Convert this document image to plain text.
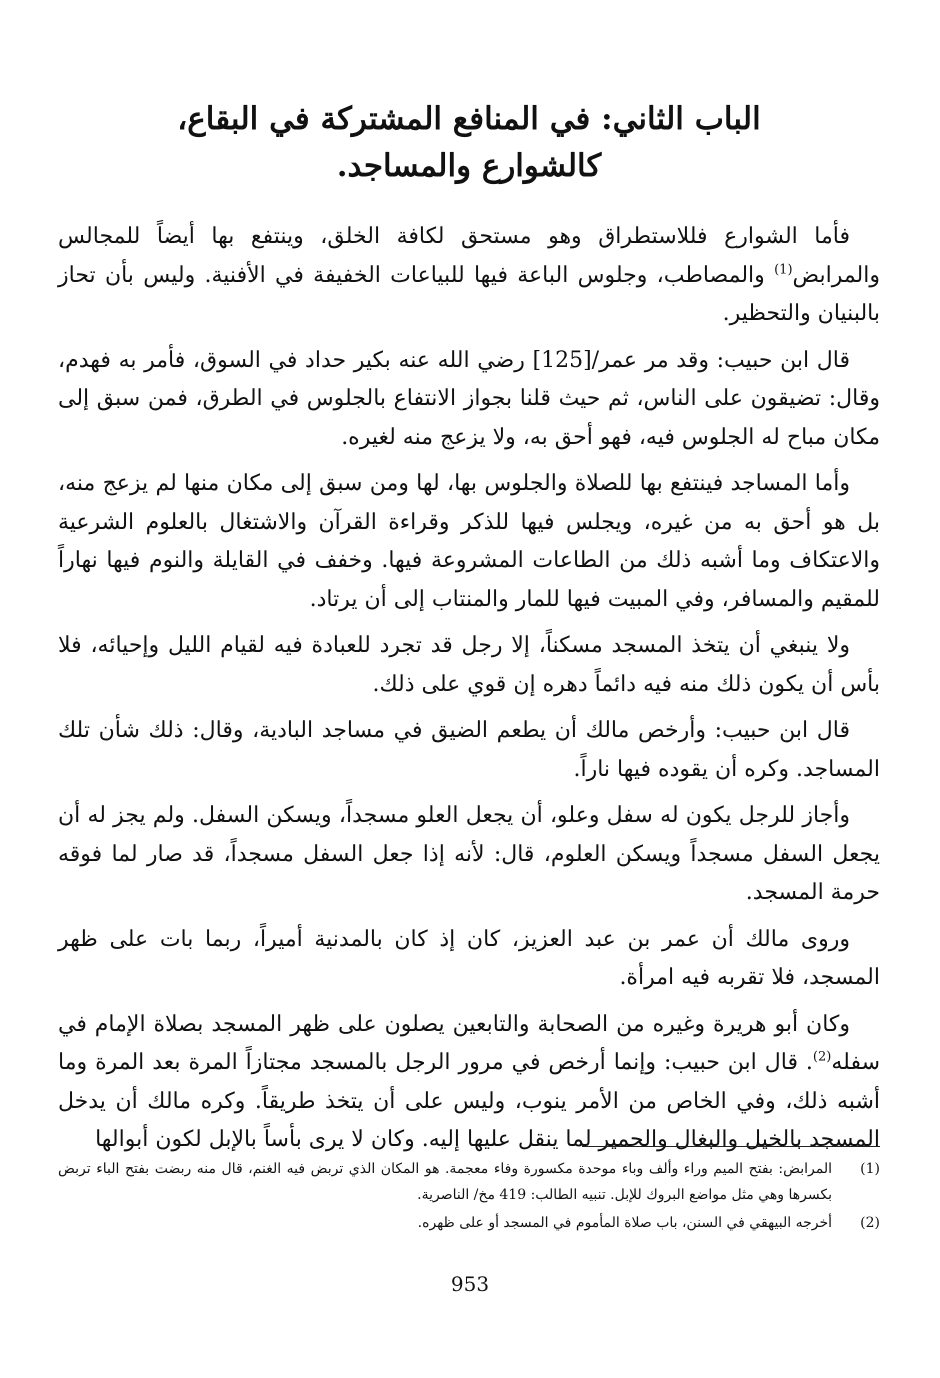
الباب الثاني: في المنافع المشتركة في البقاع،
كالشوارع والمساجد.

فأما الشوارع فللاستطراق وهو مستحق لكافة الخلق، وينتفع بها أيضاً للمجالس والمرابض$^{(1)}$ والمصاطب، وجلوس الباعة فيها للبياعات الخفيفة في الأفنية. وليس بأن تحاز بالبنيان والتحظير.

قال ابن حبيب: وقد مر عمر/[125] رضي الله عنه بكير حداد في السوق، فأمر به فهدم، وقال: تضيقون على الناس، ثم حيث قلنا بجواز الانتفاع بالجلوس في الطرق، فمن سبق إلى مكان مباح له الجلوس فيه، فهو أحق به، ولا يزعج منه لغيره.

وأما المساجد فينتفع بها للصلاة والجلوس بها، لها ومن سبق إلى مكان منها لم يزعج منه، بل هو أحق به من غيره، ويجلس فيها للذكر وقراءة القرآن والاشتغال بالعلوم الشرعية والاعتكاف وما أشبه ذلك من الطاعات المشروعة فيها. وخفف في القايلة والنوم فيها نهاراً للمقيم والمسافر، وفي المبيت فيها للمار والمنتاب إلى أن يرتاد.

ولا ينبغي أن يتخذ المسجد مسكناً، إلا رجل قد تجرد للعبادة فيه لقيام الليل وإحيائه، فلا بأس أن يكون ذلك منه فيه دائماً دهره إن قوي على ذلك.

قال ابن حبيب: وأرخص مالك أن يطعم الضيق في مساجد البادية، وقال: ذلك شأن تلك المساجد. وكره أن يقوده فيها ناراً.

وأجاز للرجل يكون له سفل وعلو، أن يجعل العلو مسجداً، ويسكن السفل. ولم يجز له أن يجعل السفل مسجداً ويسكن العلوم، قال: لأنه إذا جعل السفل مسجداً، قد صار لما فوقه حرمة المسجد.

وروى مالك أن عمر بن عبد العزيز، كان إذ كان بالمدنية أميراً، ربما بات على ظهر المسجد، فلا تقربه فيه امرأة.

وكان أبو هريرة وغيره من الصحابة والتابعين يصلون على ظهر المسجد بصلاة الإمام في سفله$^{(2)}$. قال ابن حبيب: وإنما أرخص في مرور الرجل بالمسجد مجتازاً المرة بعد المرة وما أشبه ذلك، وفي الخاص من الأمر ينوب، وليس على أن يتخذ طريقاً. وكره مالك أن يدخل المسجد بالخيل والبغال والحمير لما ينقل عليها إليه. وكان لا يرى بأساً بالإبل لكون أبوالها

(1)
المرابض: بفتح الميم وراء وألف وباء موحدة مكسورة وفاء معجمة. هو المكان الذي تربض فيه الغنم، قال منه ربضت بفتح الباء تربض بكسرها وهي مثل مواضع البروك للإبل. تنبيه الطالب: 419 مخ/ الناصرية.
(2)
أخرجه البيهقي في السنن، باب صلاة المأموم في المسجد أو على ظهره.
953
